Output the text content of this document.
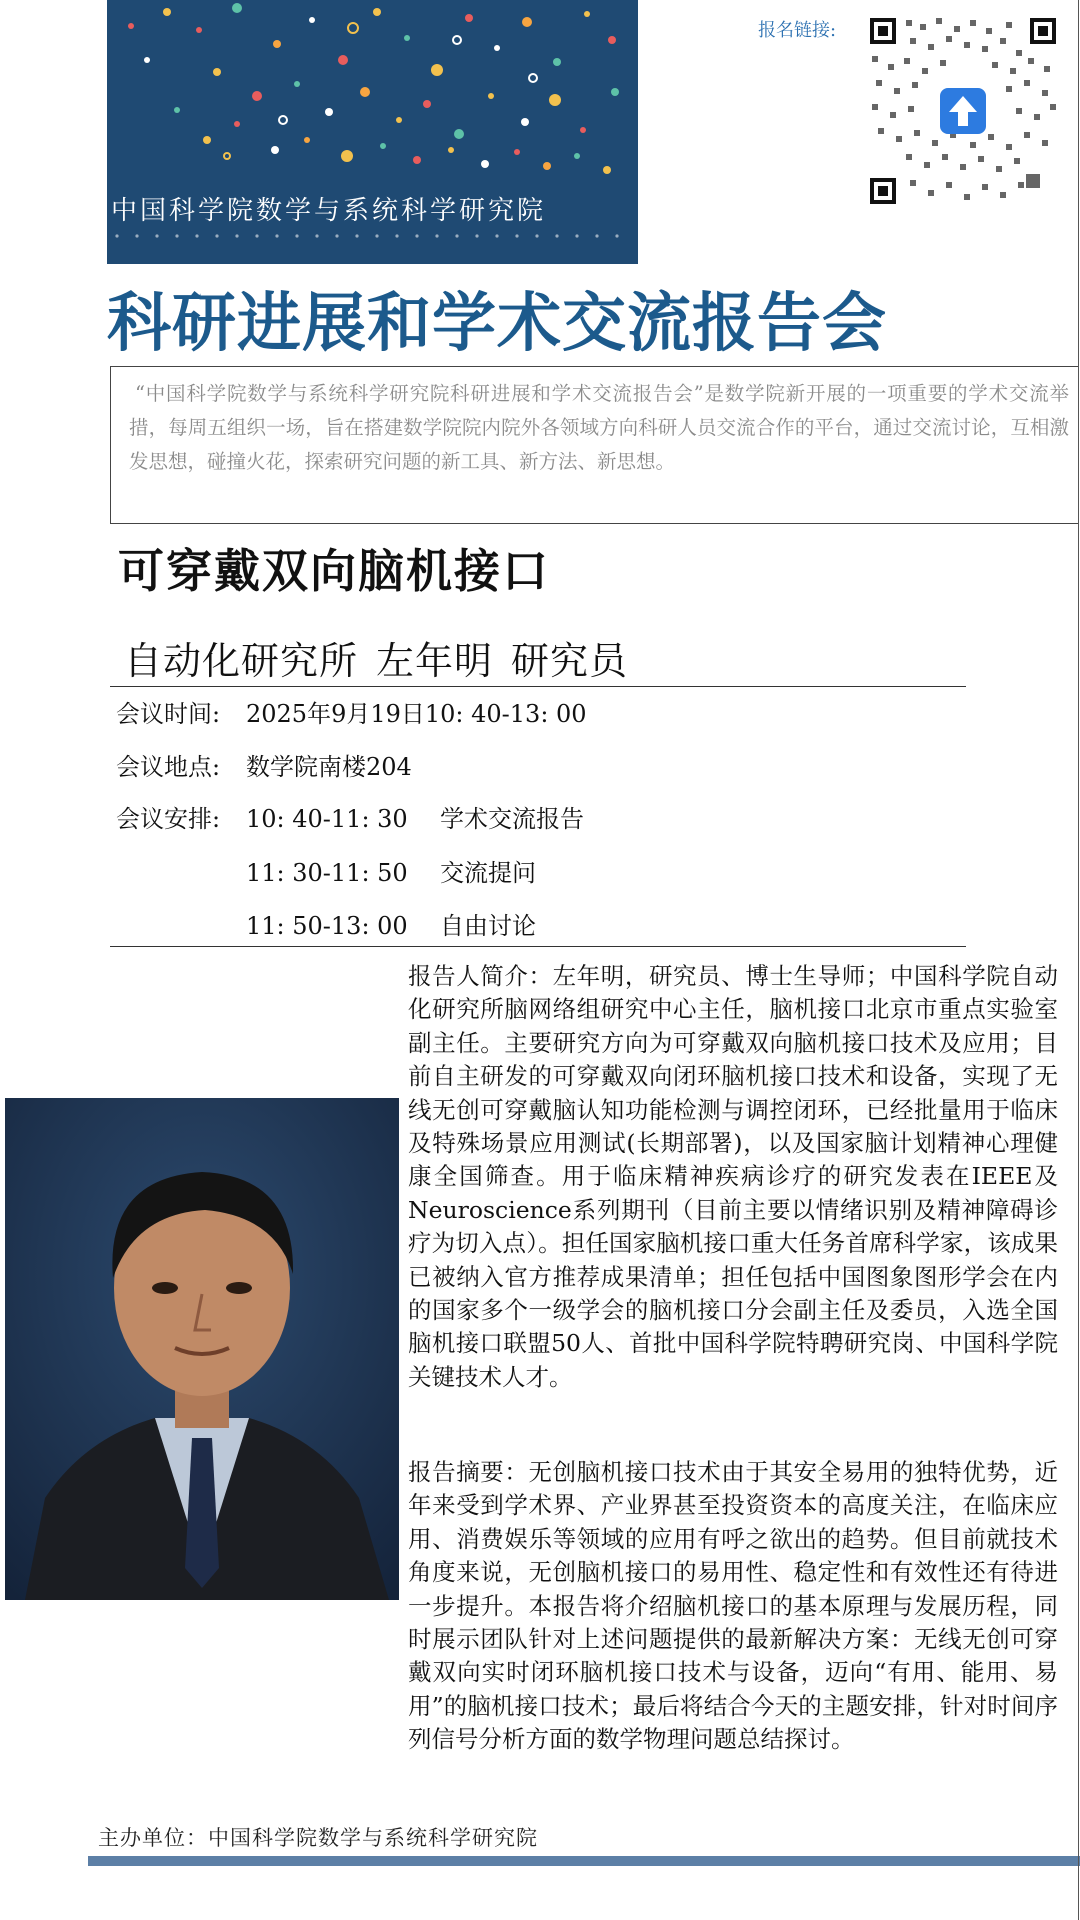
中国科学院数学与系统科学研究院
报名链接:
科研进展和学术交流报告会
“中国科学院数学与系统科学研究院科研进展和学术交流报告会”是数学院新开展的一项重要的学术交流举措，每周五组织一场，旨在搭建数学院院内院外各领域方向科研人员交流合作的平台，通过交流讨论，互相激发思想，碰撞火花，探索研究问题的新工具、新方法、新思想。
可穿戴双向脑机接口
自动化研究所 左年明 研究员
会议时间: 2025年9月19日10: 40-13: 00
会议地点: 数学院南楼204
会议安排:	10: 40-11: 30 学术交流报告
11: 30-11: 50 交流提问
11: 50-13: 00 自由讨论
报告人简介：左年明，研究员、博士生导师；中国科学院自动化研究所脑网络组研究中心主任，脑机接口北京市重点实验室副主任。主要研究方向为可穿戴双向脑机接口技术及应用；目前自主研发的可穿戴双向闭环脑机接口技术和设备，实现了无线无创可穿戴脑认知功能检测与调控闭环，已经批量用于临床及特殊场景应用测试(长期部署)，以及国家脑计划精神心理健康全国筛查。用于临床精神疾病诊疗的研究发表在IEEE及Neuroscience系列期刊（目前主要以情绪识别及精神障碍诊疗为切入点）。担任国家脑机接口重大任务首席科学家，该成果已被纳入官方推荐成果清单；担任包括中国图象图形学会在内的国家多个一级学会的脑机接口分会副主任及委员，入选全国脑机接口联盟50人、首批中国科学院特聘研究岗、中国科学院关键技术人才。
报告摘要：无创脑机接口技术由于其安全易用的独特优势，近年来受到学术界、产业界甚至投资资本的高度关注，在临床应用、消费娱乐等领域的应用有呼之欲出的趋势。但目前就技术角度来说，无创脑机接口的易用性、稳定性和有效性还有待进一步提升。本报告将介绍脑机接口的基本原理与发展历程，同时展示团队针对上述问题提供的最新解决方案：无线无创可穿戴双向实时闭环脑机接口技术与设备，迈向“有用、能用、易用”的脑机接口技术；最后将结合今天的主题安排，针对时间序列信号分析方面的数学物理问题总结探讨。
主办单位：中国科学院数学与系统科学研究院
